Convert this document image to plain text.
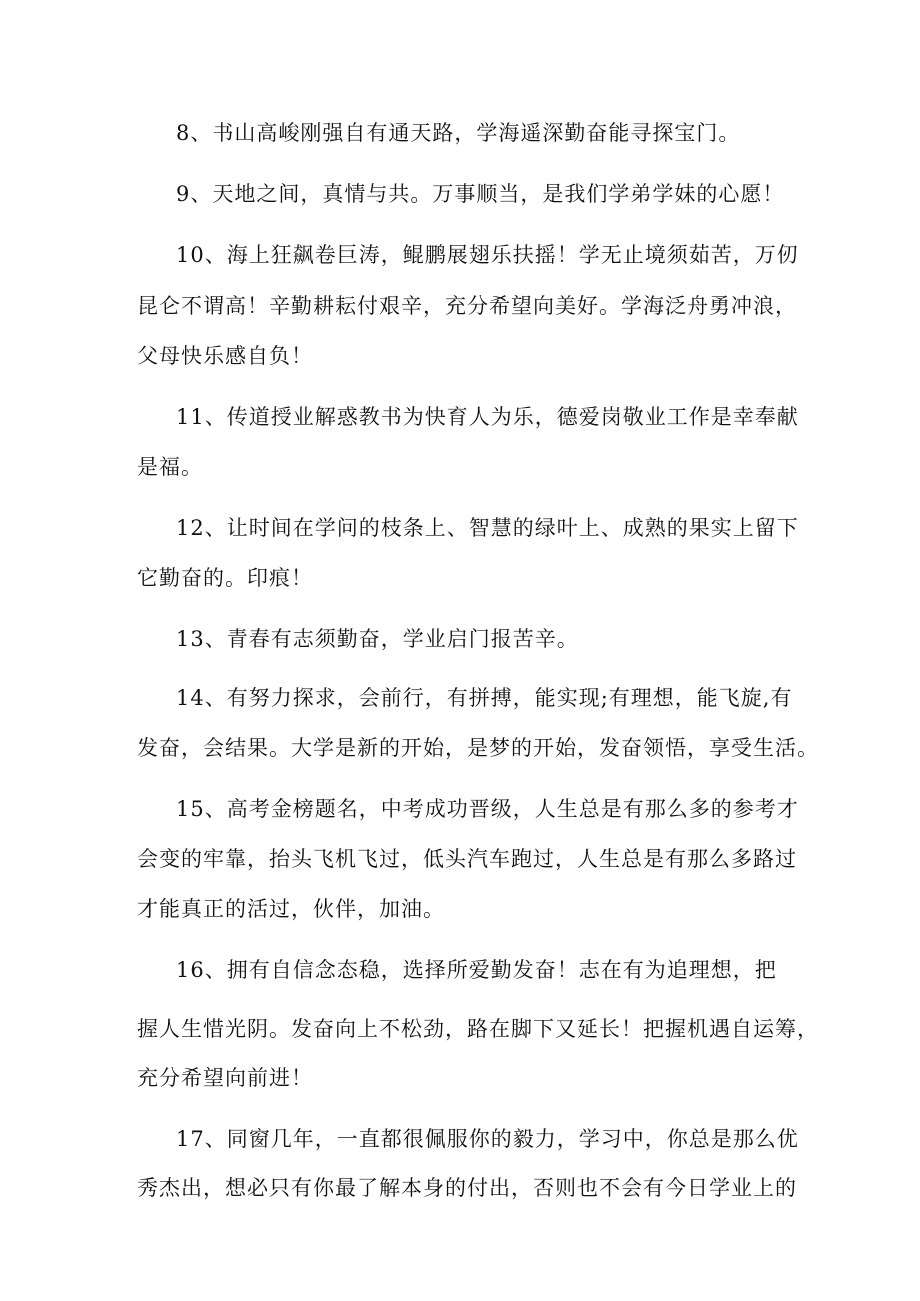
8、书山高峻刚强自有通天路，学海遥深勤奋能寻探宝门。
9、天地之间，真情与共。万事顺当，是我们学弟学妹的心愿！
10、海上狂飙卷巨涛，鲲鹏展翅乐扶摇！学无止境须茹苦，万仞
昆仑不谓高！辛勤耕耘付艰辛，充分希望向美好。学海泛舟勇冲浪，
父母快乐感自负！
11、传道授业解惑教书为快育人为乐，德爱岗敬业工作是幸奉献
是福。
12、让时间在学问的枝条上、智慧的绿叶上、成熟的果实上留下
它勤奋的。印痕！
13、青春有志须勤奋，学业启门报苦辛。
14、有努力探求，会前行，有拼搏，能实现;有理想，能飞旋,有
发奋，会结果。大学是新的开始，是梦的开始，发奋领悟，享受生活。
15、高考金榜题名，中考成功晋级，人生总是有那么多的参考才
会变的牢靠，抬头飞机飞过，低头汽车跑过，人生总是有那么多路过
才能真正的活过，伙伴，加油。
16、拥有自信念态稳，选择所爱勤发奋！志在有为追理想，把
握人生惜光阴。发奋向上不松劲，路在脚下又延长！把握机遇自运筹，
充分希望向前进！
17、同窗几年，一直都很佩服你的毅力，学习中，你总是那么优
秀杰出，想必只有你最了解本身的付出，否则也不会有今日学业上的
